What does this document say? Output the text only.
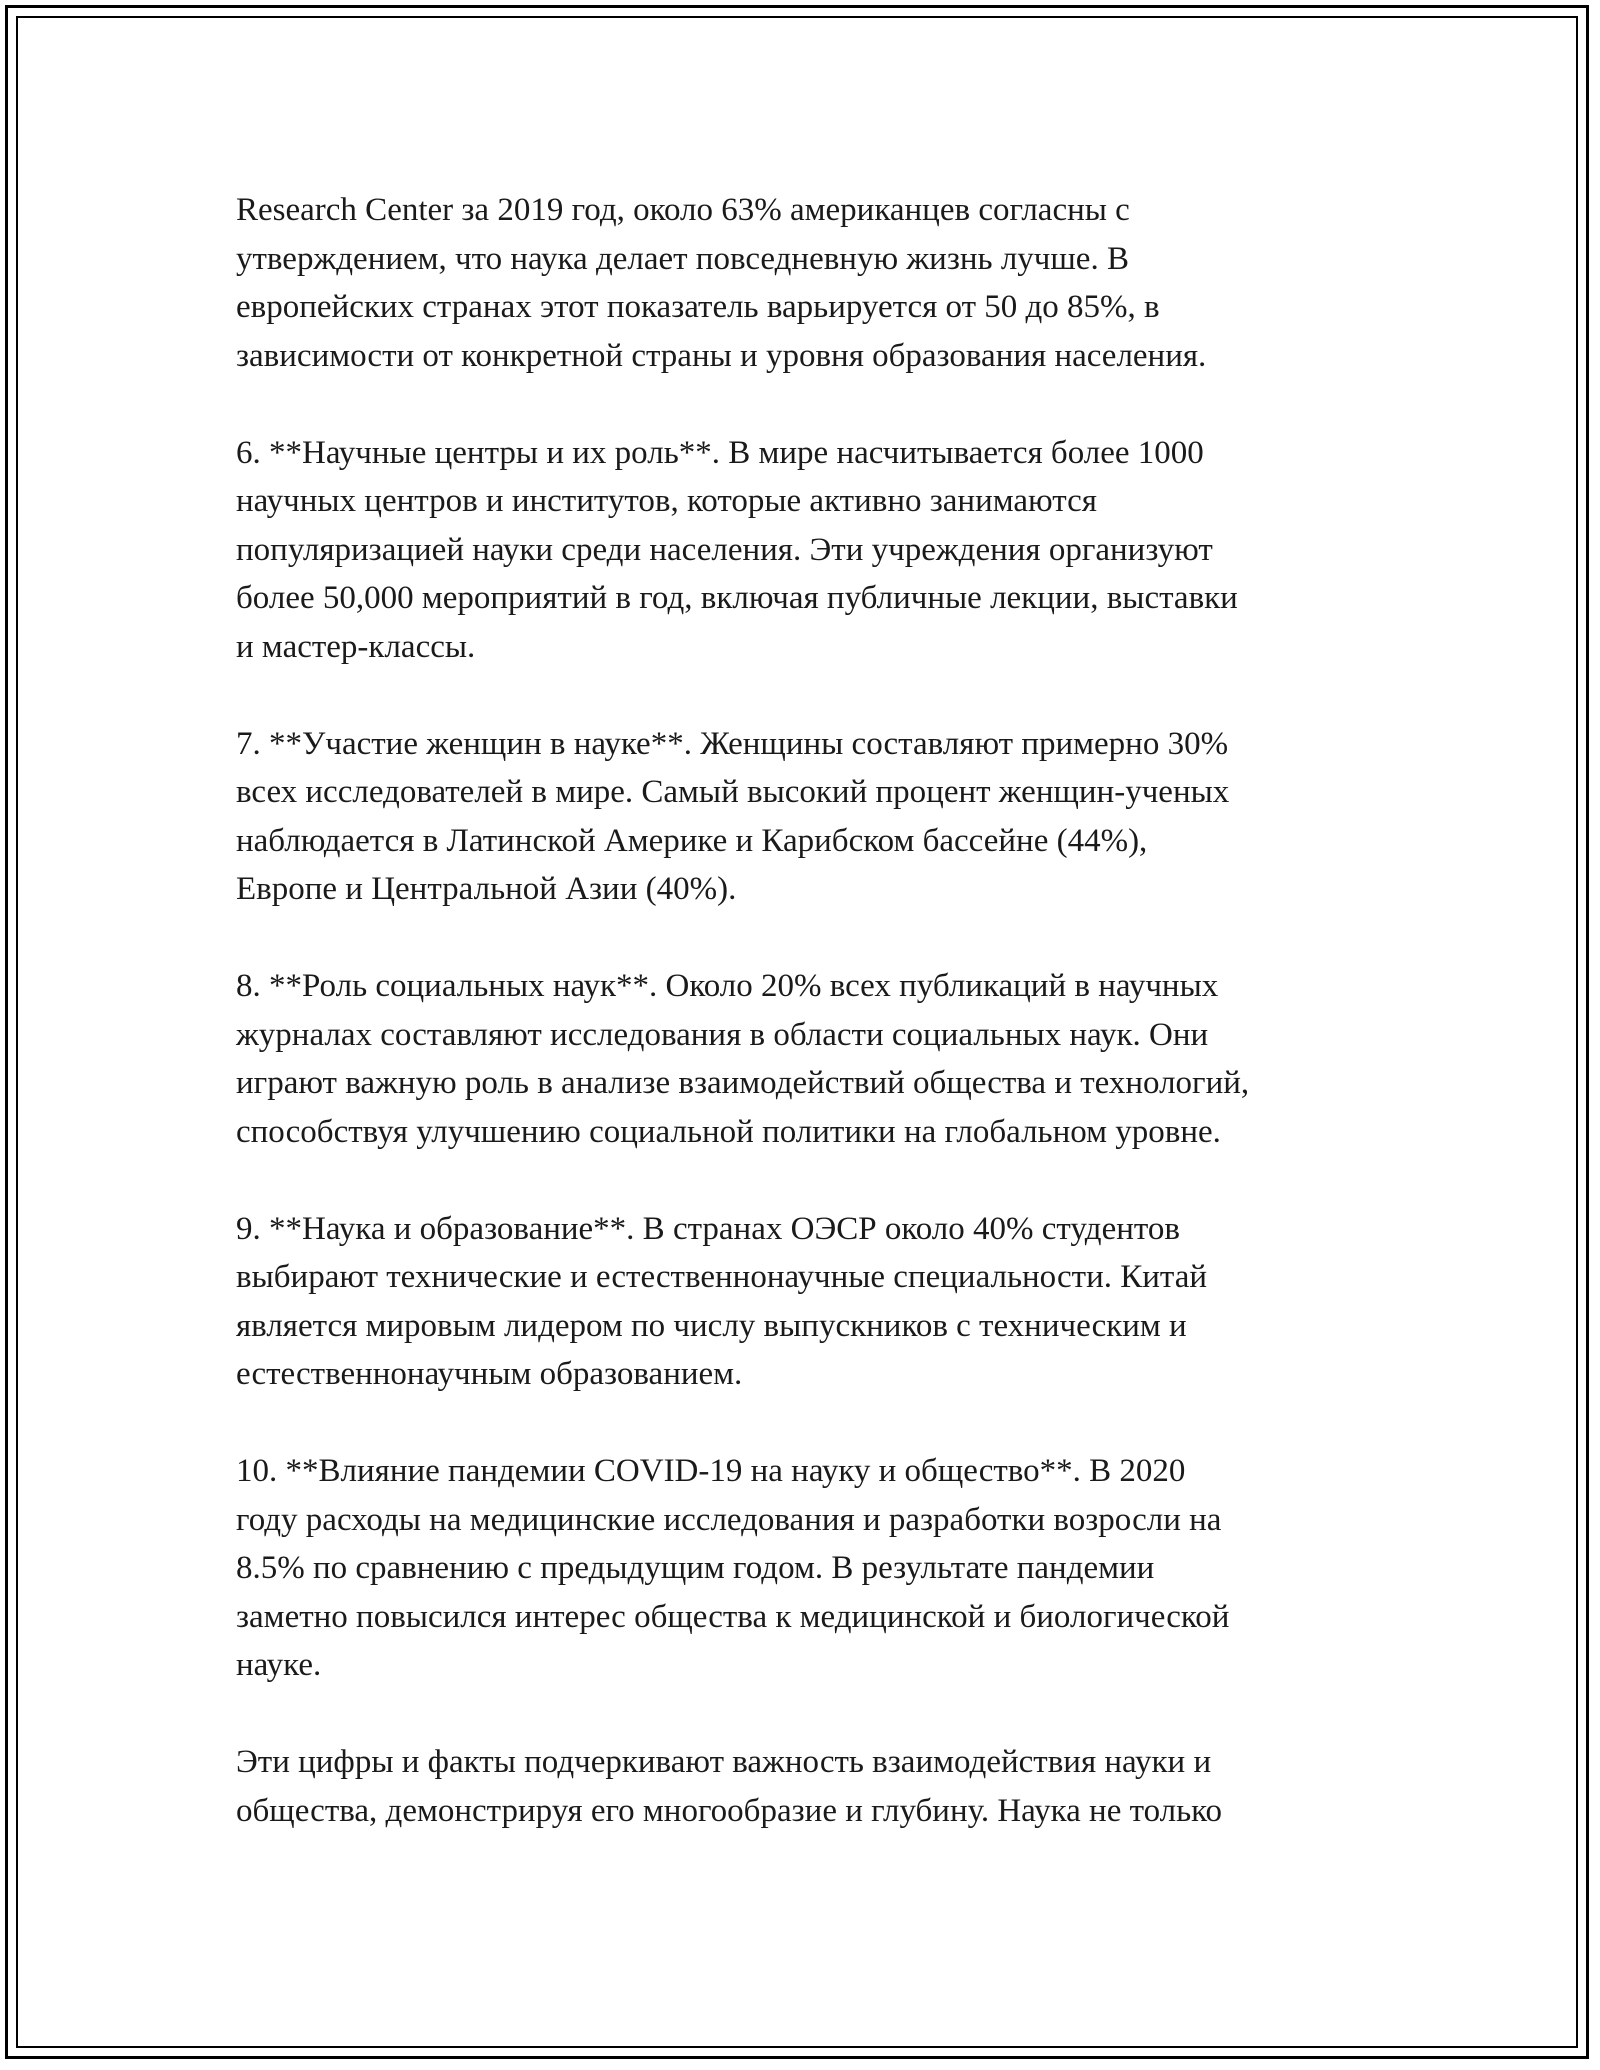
Research Center за 2019 год, около 63% американцев согласны с
утверждением, что наука делает повседневную жизнь лучше. В
европейских странах этот показатель варьируется от 50 до 85%, в
зависимости от конкретной страны и уровня образования населения.

6. **Научные центры и их роль**. В мире насчитывается более 1000
научных центров и институтов, которые активно занимаются
популяризацией науки среди населения. Эти учреждения организуют
более 50,000 мероприятий в год, включая публичные лекции, выставки
и мастер-классы.

7. **Участие женщин в науке**. Женщины составляют примерно 30%
всех исследователей в мире. Самый высокий процент женщин-ученых
наблюдается в Латинской Америке и Карибском бассейне (44%),
Европе и Центральной Азии (40%).

8. **Роль социальных наук**. Около 20% всех публикаций в научных
журналах составляют исследования в области социальных наук. Они
играют важную роль в анализе взаимодействий общества и технологий,
способствуя улучшению социальной политики на глобальном уровне.

9. **Наука и образование**. В странах ОЭСР около 40% студентов
выбирают технические и естественнонаучные специальности. Китай
является мировым лидером по числу выпускников с техническим и
естественнонаучным образованием.

10. **Влияние пандемии COVID-19 на науку и общество**. В 2020
году расходы на медицинские исследования и разработки возросли на
8.5% по сравнению с предыдущим годом. В результате пандемии
заметно повысился интерес общества к медицинской и биологической
науке.

Эти цифры и факты подчеркивают важность взаимодействия науки и
общества, демонстрируя его многообразие и глубину. Наука не только
